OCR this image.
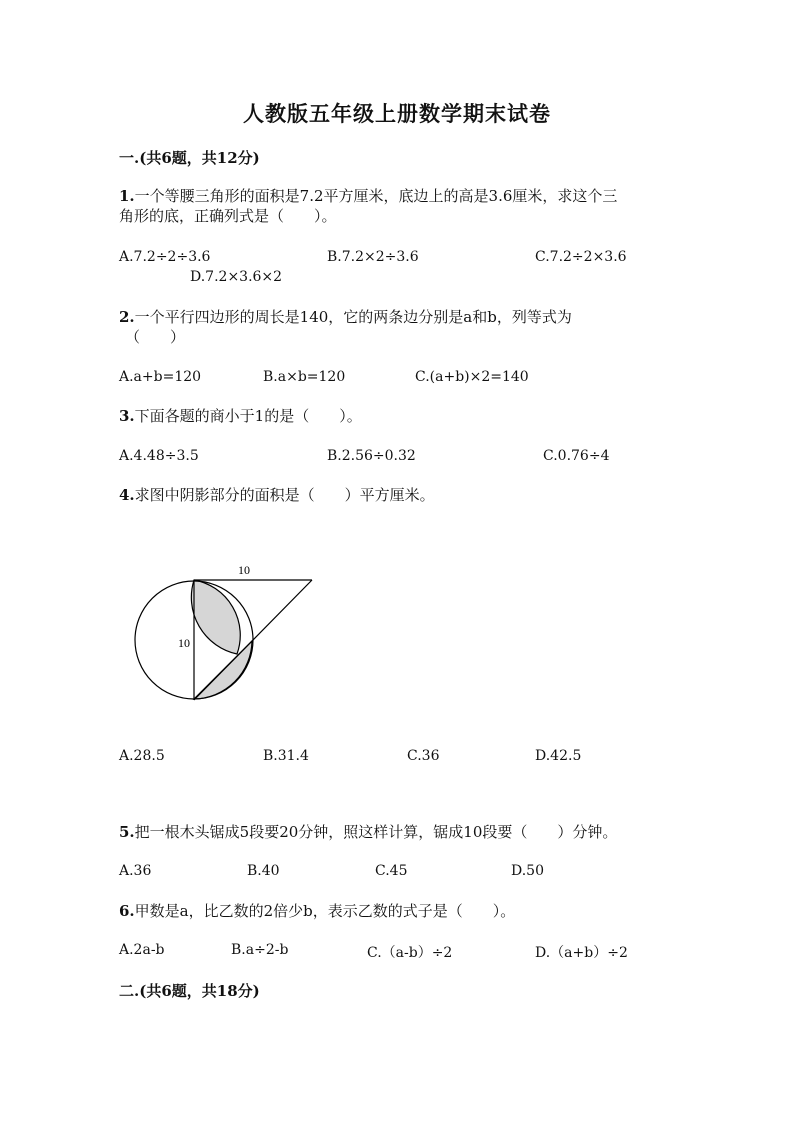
人教版五年级上册数学期末试卷
一.(共6题，共12分)
1.一个等腰三角形的面积是7.2平方厘米，底边上的高是3.6厘米，求这个三
角形的底，正确列式是（　　）。
A.7.2÷2÷3.6	B.7.2×2÷3.6	C.7.2÷2×3.6
D.7.2×3.6×2
2.一个平行四边形的周长是140，它的两条边分别是a和b，列等式为
（　　）
A.a+b=120	B.a×b=120	C.(a+b)×2=140
3.下面各题的商小于1的是（　　）。
A.4.48÷3.5	B.2.56÷0.32	C.0.76÷4
4.求图中阴影部分的面积是（　　）平方厘米。
10
10
A.28.5	B.31.4	C.36	D.42.5
5.把一根木头锯成5段要20分钟，照这样计算，锯成10段要（　　）分钟。
A.36	B.40	C.45	D.50
6.甲数是a，比乙数的2倍少b，表示乙数的式子是（　　）。
A.2a-b	B.a÷2-b	C.（a-b）÷2	D.（a+b）÷2
二.(共6题，共18分)
